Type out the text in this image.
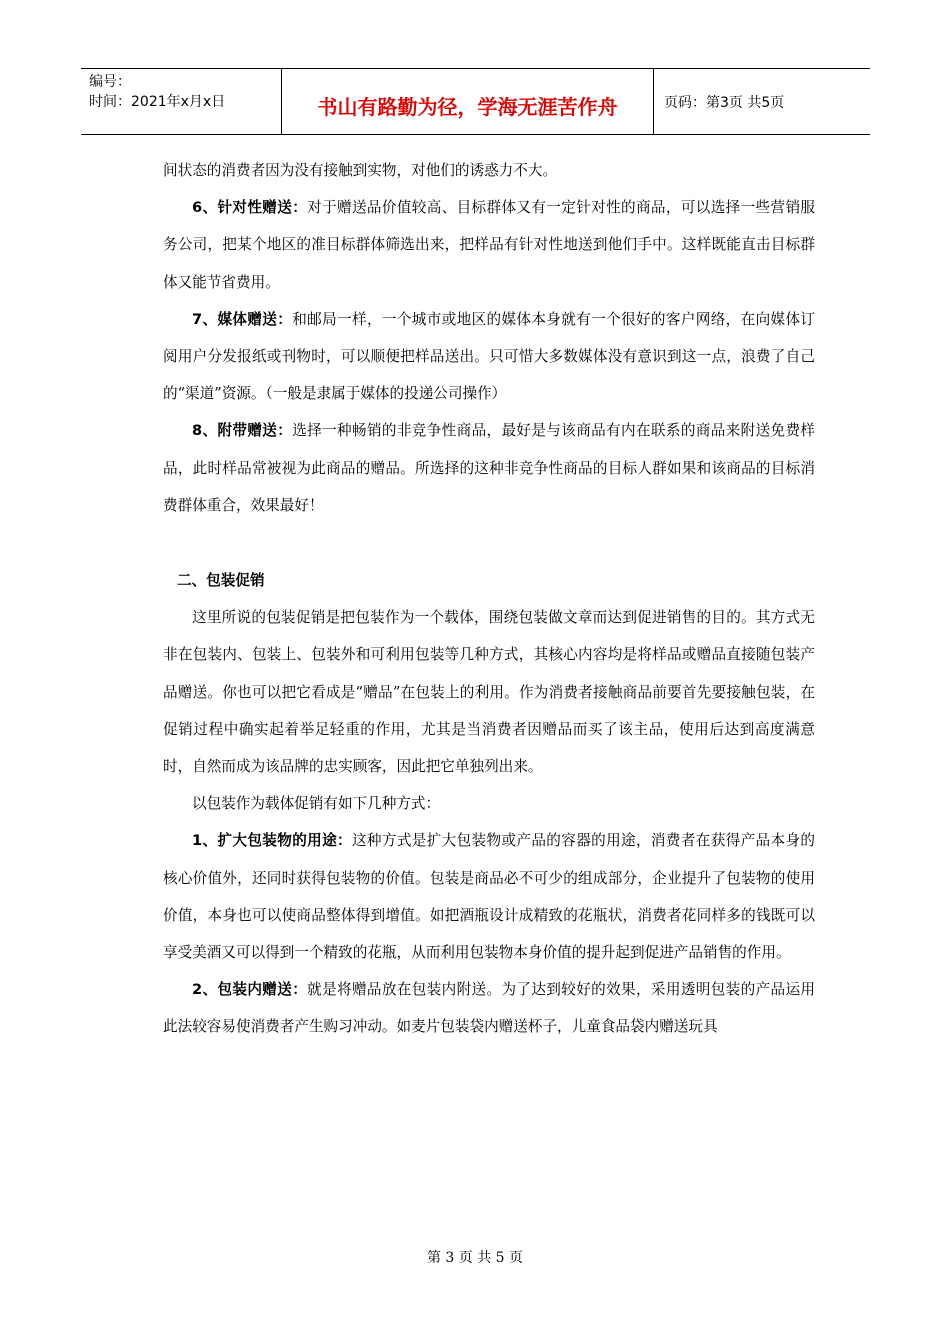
编号：
时间：2021年x月x日	书山有路勤为径，学海无涯苦作舟	页码：第3页 共5页

间状态的消费者因为没有接触到实物，对他们的诱惑力不大。

6、针对性赠送：对于赠送品价值较高、目标群体又有一定针对性的商品，可以选择一些营销服务公司，把某个地区的准目标群体筛选出来，把样品有针对性地送到他们手中。这样既能直击目标群体又能节省费用。

7、媒体赠送：和邮局一样，一个城市或地区的媒体本身就有一个很好的客户网络，在向媒体订阅用户分发报纸或刊物时，可以顺便把样品送出。只可惜大多数媒体没有意识到这一点，浪费了自己的“渠道”资源。（一般是隶属于媒体的投递公司操作）

8、附带赠送：选择一种畅销的非竞争性商品，最好是与该商品有内在联系的商品来附送免费样品，此时样品常被视为此商品的赠品。所选择的这种非竞争性商品的目标人群如果和该商品的目标消费群体重合，效果最好！

二、包装促销

这里所说的包装促销是把包装作为一个载体，围绕包装做文章而达到促进销售的目的。其方式无非在包装内、包装上、包装外和可利用包装等几种方式，其核心内容均是将样品或赠品直接随包装产品赠送。你也可以把它看成是“赠品”在包装上的利用。作为消费者接触商品前要首先要接触包装，在促销过程中确实起着举足轻重的作用，尤其是当消费者因赠品而买了该主品，使用后达到高度满意时，自然而成为该品牌的忠实顾客，因此把它单独列出来。

以包装作为载体促销有如下几种方式：

1、扩大包装物的用途：这种方式是扩大包装物或产品的容器的用途，消费者在获得产品本身的核心价值外，还同时获得包装物的价值。包装是商品必不可少的组成部分，企业提升了包装物的使用价值，本身也可以使商品整体得到增值。如把酒瓶设计成精致的花瓶状，消费者花同样多的钱既可以享受美酒又可以得到一个精致的花瓶，从而利用包装物本身价值的提升起到促进产品销售的作用。

2、包装内赠送：就是将赠品放在包装内附送。为了达到较好的效果，采用透明包装的产品运用此法较容易使消费者产生购习冲动。如麦片包装袋内赠送杯子，儿童食品袋内赠送玩具

第 3 页 共 5 页
